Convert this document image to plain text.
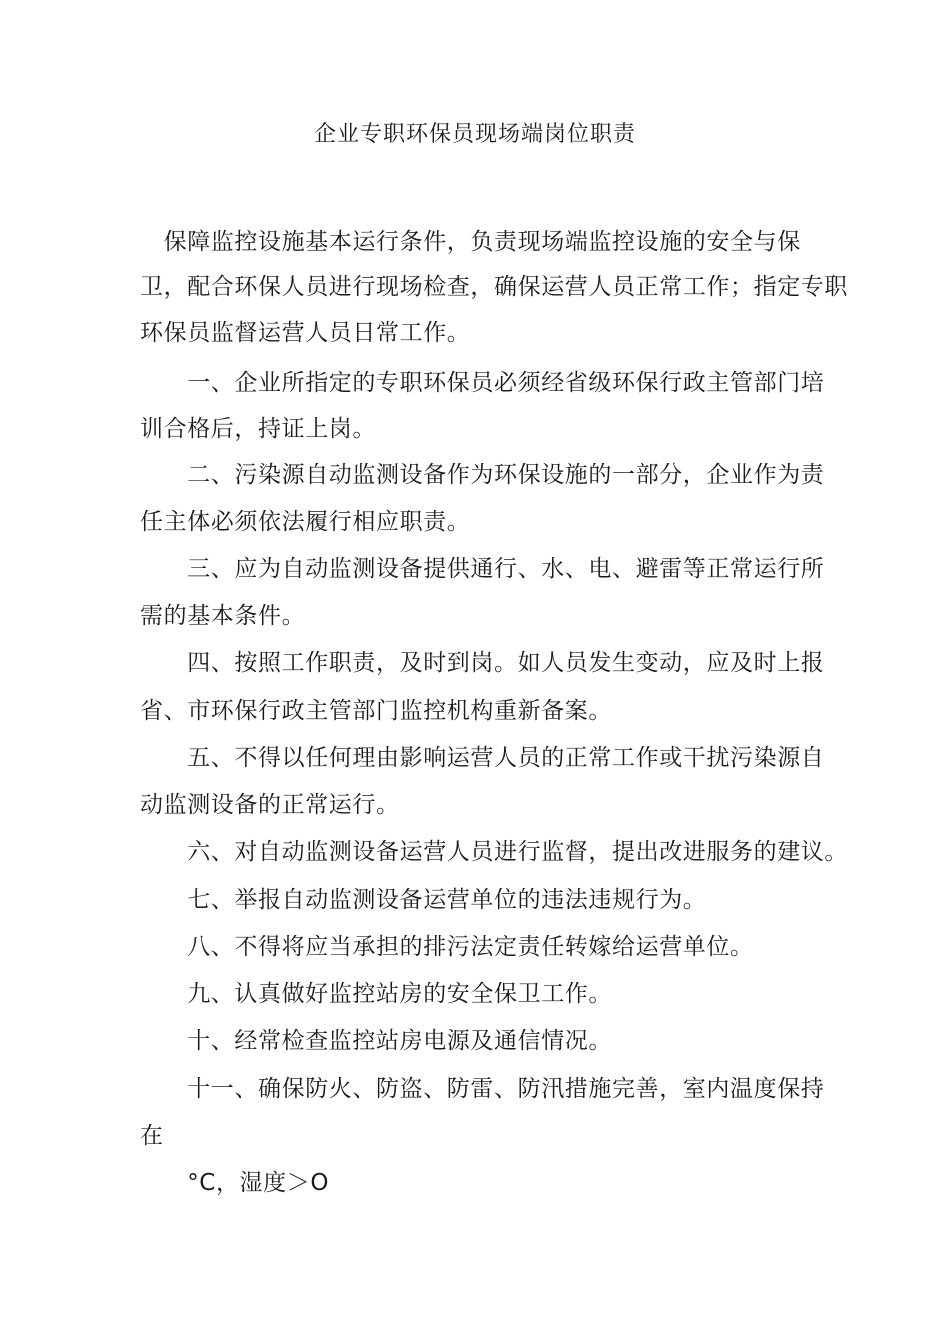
企业专职环保员现场端岗位职责
　保障监控设施基本运行条件，负责现场端监控设施的安全与保
卫，配合环保人员进行现场检查，确保运营人员正常工作；指定专职
环保员监督运营人员日常工作。
　　一、企业所指定的专职环保员必须经省级环保行政主管部门培
训合格后，持证上岗。
　　二、污染源自动监测设备作为环保设施的一部分，企业作为责
任主体必须依法履行相应职责。
　　三、应为自动监测设备提供通行、水、电、避雷等正常运行所
需的基本条件。
　　四、按照工作职责，及时到岗。如人员发生变动，应及时上报
省、市环保行政主管部门监控机构重新备案。
　　五、不得以任何理由影响运营人员的正常工作或干扰污染源自
动监测设备的正常运行。
　　六、对自动监测设备运营人员进行监督，提出改进服务的建议。
　　七、举报自动监测设备运营单位的违法违规行为。
　　八、不得将应当承担的排污法定责任转嫁给运营单位。
　　九、认真做好监控站房的安全保卫工作。
　　十、经常检查监控站房电源及通信情况。
　　十一、确保防火、防盗、防雷、防汛措施完善，室内温度保持
在
　　°C，湿度＞O
